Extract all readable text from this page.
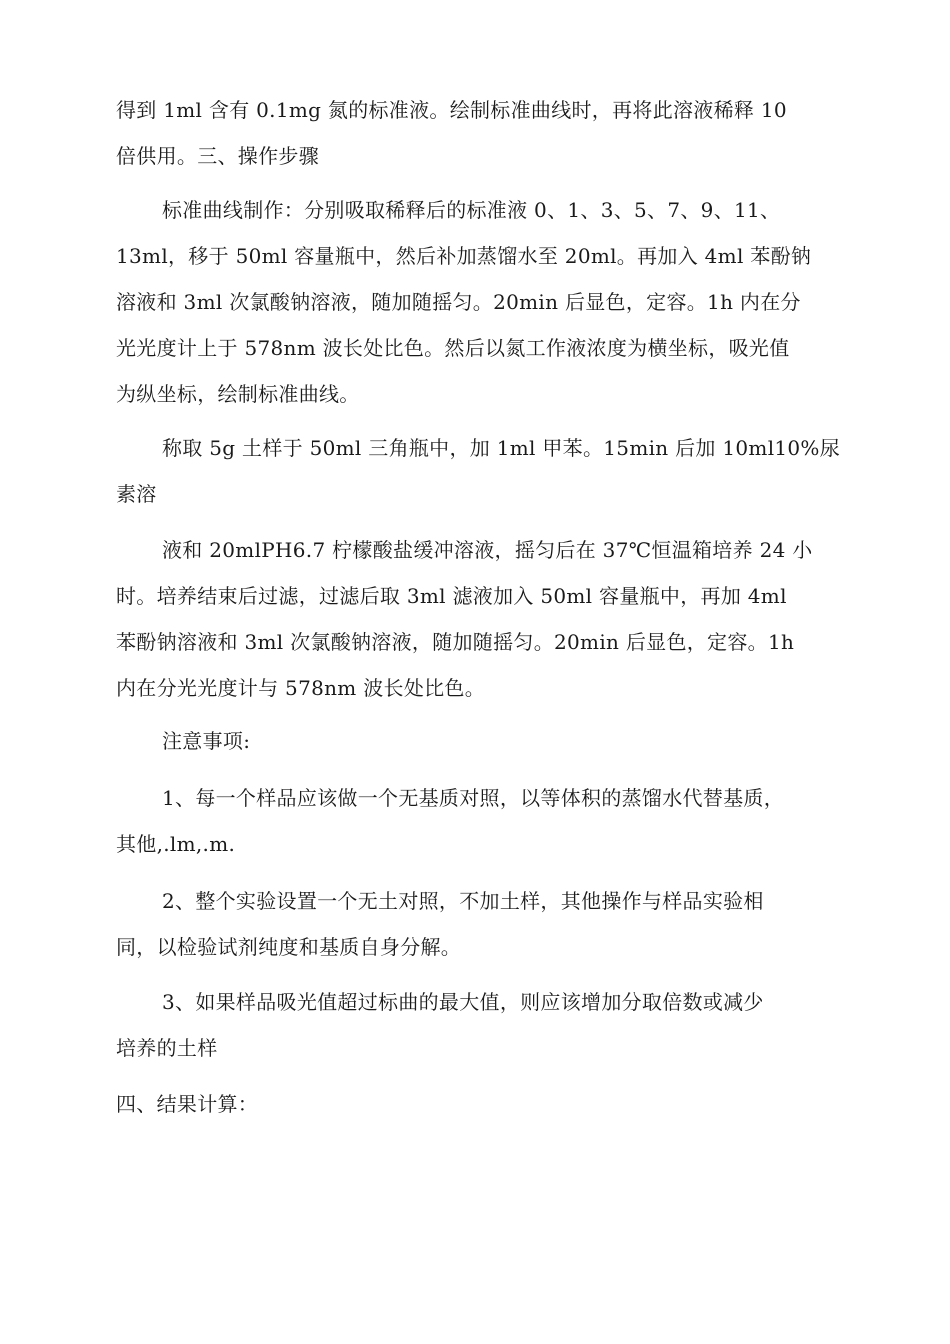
得到 1ml 含有 0.1mg 氮的标准液。绘制标准曲线时，再将此溶液稀释 10
倍供用。三、操作步骤
标准曲线制作：分别吸取稀释后的标准液 0、1、3、5、7、9、11、
13ml，移于 50ml 容量瓶中，然后补加蒸馏水至 20ml。再加入 4ml 苯酚钠
溶液和 3ml 次氯酸钠溶液，随加随摇匀。20min 后显色，定容。1h 内在分
光光度计上于 578nm 波长处比色。然后以氮工作液浓度为横坐标，吸光值
为纵坐标，绘制标准曲线。
称取 5g 土样于 50ml 三角瓶中，加 1ml 甲苯。15min 后加 10ml10%尿
素溶
液和 20mlPH6.7 柠檬酸盐缓冲溶液，摇匀后在 37℃恒温箱培养 24 小
时。培养结束后过滤，过滤后取 3ml 滤液加入 50ml 容量瓶中，再加 4ml
苯酚钠溶液和 3ml 次氯酸钠溶液，随加随摇匀。20min 后显色，定容。1h
内在分光光度计与 578nm 波长处比色。
注意事项:
1、每一个样品应该做一个无基质对照，以等体积的蒸馏水代替基质，
其他,.lm,.m.
2、整个实验设置一个无土对照，不加土样，其他操作与样品实验相
同，以检验试剂纯度和基质自身分解。
3、如果样品吸光值超过标曲的最大值，则应该增加分取倍数或减少
培养的土样
四、结果计算：
